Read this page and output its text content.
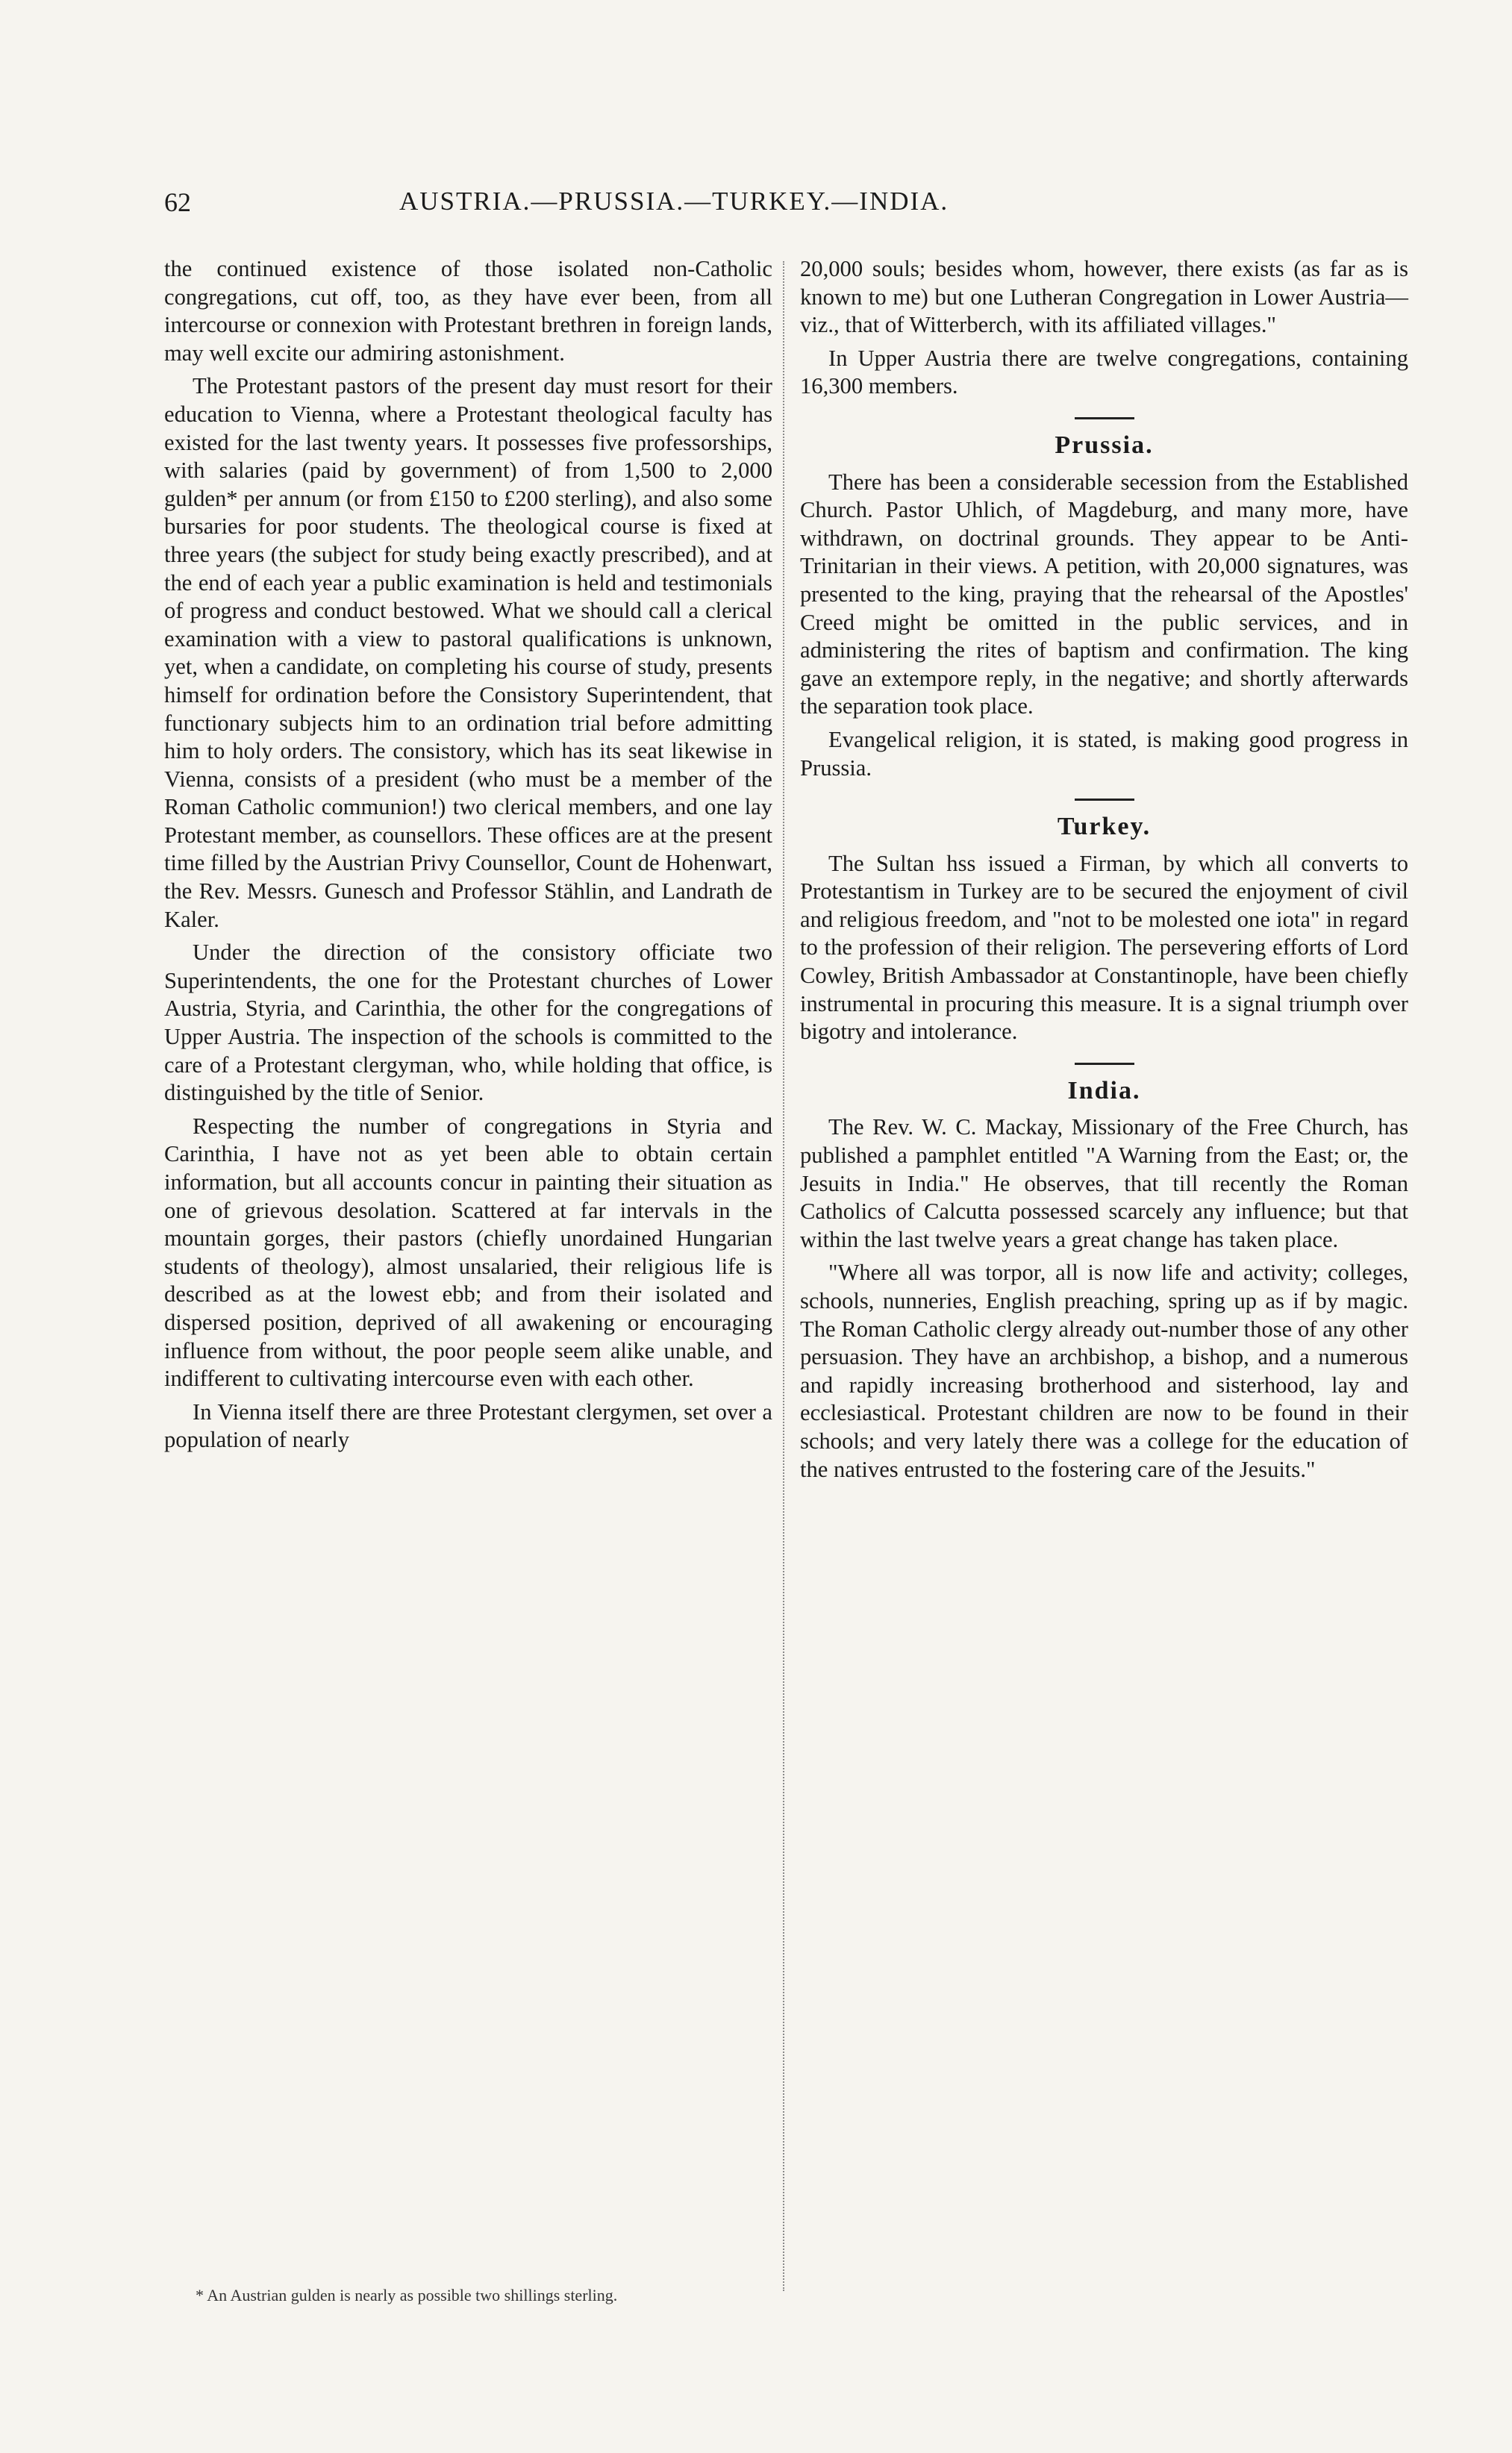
62	AUSTRIA.—PRUSSIA.—TURKEY.—INDIA.

the continued existence of those isolated non-Catholic congregations, cut off, too, as they have ever been, from all intercourse or connexion with Protestant brethren in foreign lands, may well excite our admiring astonishment.

The Protestant pastors of the present day must resort for their education to Vienna, where a Protestant theological faculty has existed for the last twenty years. It possesses five professorships, with salaries (paid by government) of from 1,500 to 2,000 gulden* per annum (or from £150 to £200 sterling), and also some bursaries for poor students. The theological course is fixed at three years (the subject for study being exactly prescribed), and at the end of each year a public examination is held and testimonials of progress and conduct bestowed. What we should call a clerical examination with a view to pastoral qualifications is unknown, yet, when a candidate, on completing his course of study, presents himself for ordination before the Consistory Superintendent, that functionary subjects him to an ordination trial before admitting him to holy orders. The consistory, which has its seat likewise in Vienna, consists of a president (who must be a member of the Roman Catholic communion!) two clerical members, and one lay Protestant member, as counsellors. These offices are at the present time filled by the Austrian Privy Counsellor, Count de Hohenwart, the Rev. Messrs. Gunesch and Professor Stählin, and Landrath de Kaler.

Under the direction of the consistory officiate two Superintendents, the one for the Protestant churches of Lower Austria, Styria, and Carinthia, the other for the congregations of Upper Austria. The inspection of the schools is committed to the care of a Protestant clergyman, who, while holding that office, is distinguished by the title of Senior.

Respecting the number of congregations in Styria and Carinthia, I have not as yet been able to obtain certain information, but all accounts concur in painting their situation as one of grievous desolation. Scattered at far intervals in the mountain gorges, their pastors (chiefly unordained Hungarian students of theology), almost unsalaried, their religious life is described as at the lowest ebb; and from their isolated and dispersed position, deprived of all awakening or encouraging influence from without, the poor people seem alike unable, and indifferent to cultivating intercourse even with each other.

In Vienna itself there are three Protestant clergymen, set over a population of nearly

20,000 souls; besides whom, however, there exists (as far as is known to me) but one Lutheran Congregation in Lower Austria—viz., that of Witterberch, with its affiliated villages."

In Upper Austria there are twelve congregations, containing 16,300 members.

Prussia.

There has been a considerable secession from the Established Church. Pastor Uhlich, of Magdeburg, and many more, have withdrawn, on doctrinal grounds. They appear to be Anti-Trinitarian in their views. A petition, with 20,000 signatures, was presented to the king, praying that the rehearsal of the Apostles' Creed might be omitted in the public services, and in administering the rites of baptism and confirmation. The king gave an extempore reply, in the negative; and shortly afterwards the separation took place.

Evangelical religion, it is stated, is making good progress in Prussia.

Turkey.

The Sultan hss issued a Firman, by which all converts to Protestantism in Turkey are to be secured the enjoyment of civil and religious freedom, and "not to be molested one iota" in regard to the profession of their religion. The persevering efforts of Lord Cowley, British Ambassador at Constantinople, have been chiefly instrumental in procuring this measure. It is a signal triumph over bigotry and intolerance.

India.

The Rev. W. C. Mackay, Missionary of the Free Church, has published a pamphlet entitled "A Warning from the East; or, the Jesuits in India." He observes, that till recently the Roman Catholics of Calcutta possessed scarcely any influence; but that within the last twelve years a great change has taken place.

"Where all was torpor, all is now life and activity; colleges, schools, nunneries, English preaching, spring up as if by magic. The Roman Catholic clergy already out-number those of any other persuasion. They have an archbishop, a bishop, and a numerous and rapidly increasing brotherhood and sisterhood, lay and ecclesiastical. Protestant children are now to be found in their schools; and very lately there was a college for the education of the natives entrusted to the fostering care of the Jesuits."

* An Austrian gulden is nearly as possible two shillings sterling.
